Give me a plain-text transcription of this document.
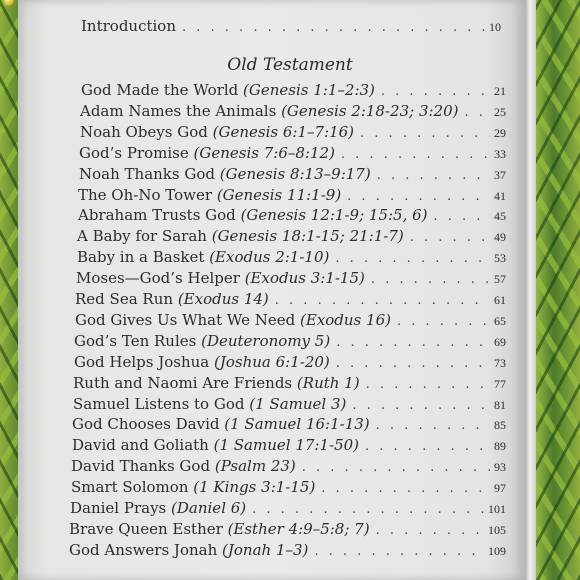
Introduction . . .	10
Old Testament
God Made the World (Genesis 1:1–2:3) . . .	21
Adam Names the Animals (Genesis 2:18-23; 3:20) . . .	25
Noah Obeys God (Genesis 6:1–7:16) . . .	29
God’s Promise (Genesis 7:6–8:12) . . .	33
Noah Thanks God (Genesis 8:13–9:17) . . .	37
The Oh-No Tower (Genesis 11:1-9) . . .	41
Abraham Trusts God (Genesis 12:1-9; 15:5, 6) . . .	45
A Baby for Sarah (Genesis 18:1-15; 21:1-7) . . .	49
Baby in a Basket (Exodus 2:1-10) . . .	53
Moses—God’s Helper (Exodus 3:1-15) . . .	57
Red Sea Run (Exodus 14) . . .	61
God Gives Us What We Need (Exodus 16) . . .	65
God’s Ten Rules (Deuteronomy 5) . . .	69
God Helps Joshua (Joshua 6:1-20) . . .	73
Ruth and Naomi Are Friends (Ruth 1) . . .	77
Samuel Listens to God (1 Samuel 3) . . .	81
God Chooses David (1 Samuel 16:1-13) . . .	85
David and Goliath (1 Samuel 17:1-50) . . .	89
David Thanks God (Psalm 23) . . .	93
Smart Solomon (1 Kings 3:1-15) . . .	97
Daniel Prays (Daniel 6) . . .	101
Brave Queen Esther (Esther 4:9–5:8; 7) . . .	105
God Answers Jonah (Jonah 1–3) . . .	109
